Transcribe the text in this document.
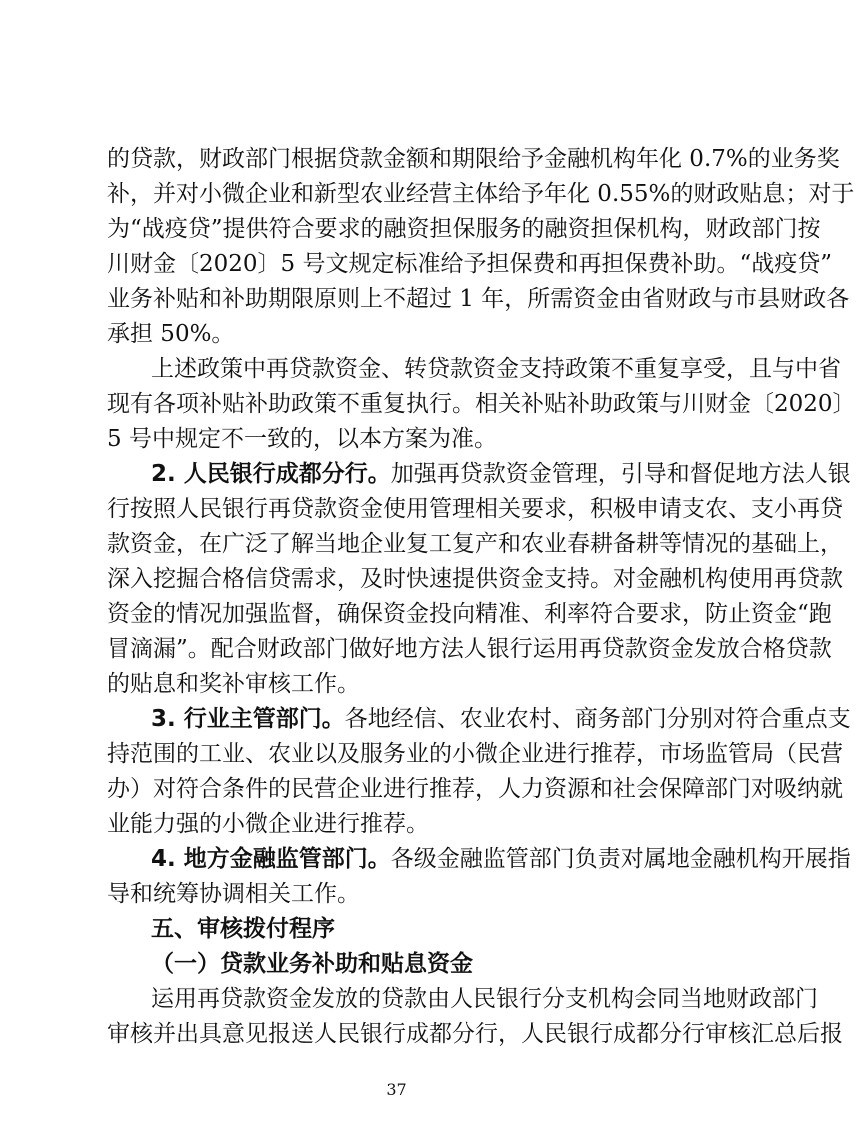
的贷款，财政部门根据贷款金额和期限给予金融机构年化 0.7%的业务奖
补，并对小微企业和新型农业经营主体给予年化 0.55%的财政贴息；对于
为“战疫贷”提供符合要求的融资担保服务的融资担保机构，财政部门按
川财金〔2020〕5 号文规定标准给予担保费和再担保费补助。“战疫贷”
业务补贴和补助期限原则上不超过 1 年，所需资金由省财政与市县财政各
承担 50%。
上述政策中再贷款资金、转贷款资金支持政策不重复享受，且与中省
现有各项补贴补助政策不重复执行。相关补贴补助政策与川财金〔2020〕
5 号中规定不一致的，以本方案为准。
2. 人民银行成都分行。加强再贷款资金管理，引导和督促地方法人银
行按照人民银行再贷款资金使用管理相关要求，积极申请支农、支小再贷
款资金，在广泛了解当地企业复工复产和农业春耕备耕等情况的基础上，
深入挖掘合格信贷需求，及时快速提供资金支持。对金融机构使用再贷款
资金的情况加强监督，确保资金投向精准、利率符合要求，防止资金“跑
冒滴漏”。配合财政部门做好地方法人银行运用再贷款资金发放合格贷款
的贴息和奖补审核工作。
3. 行业主管部门。各地经信、农业农村、商务部门分别对符合重点支
持范围的工业、农业以及服务业的小微企业进行推荐，市场监管局（民营
办）对符合条件的民营企业进行推荐，人力资源和社会保障部门对吸纳就
业能力强的小微企业进行推荐。
4. 地方金融监管部门。各级金融监管部门负责对属地金融机构开展指
导和统筹协调相关工作。
五、审核拨付程序
（一）贷款业务补助和贴息资金
运用再贷款资金发放的贷款由人民银行分支机构会同当地财政部门
审核并出具意见报送人民银行成都分行，人民银行成都分行审核汇总后报
37
